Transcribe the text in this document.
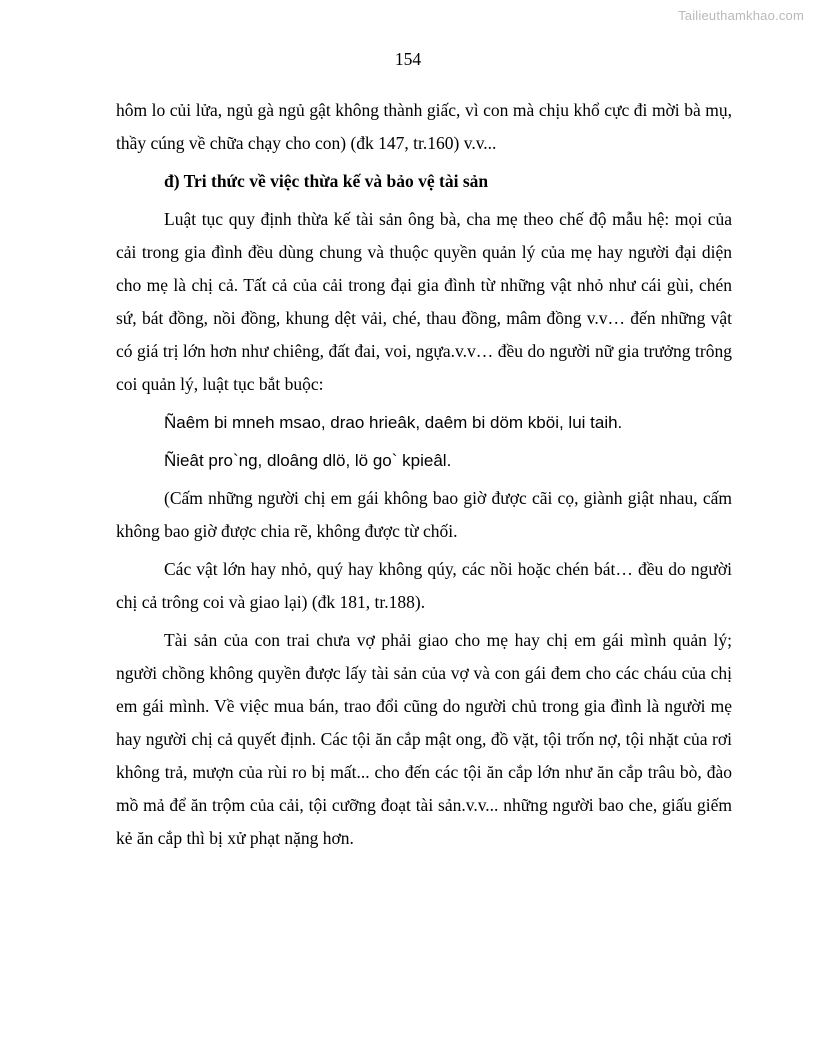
Tailieuthamkhao.com
154

hôm lo củi lửa, ngủ gà ngủ gật không thành giấc, vì con mà chịu khổ cực đi mời bà mụ, thầy cúng về chữa chạy cho con) (đk 147, tr.160) v.v...

đ) Tri thức về việc thừa kế và bảo vệ tài sản

Luật tục quy định thừa kế tài sản ông bà, cha mẹ theo chế độ mẫu hệ: mọi của cải trong gia đình đều dùng chung và thuộc quyền quản lý của mẹ hay người đại diện cho mẹ là chị cả. Tất cả của cải trong đại gia đình từ những vật nhỏ như cái gùi, chén sứ, bát đồng, nồi đồng, khung dệt vải, ché, thau đồng, mâm đồng v.v… đến những vật có giá trị lớn hơn như chiêng, đất đai, voi, ngựa.v.v… đều do người nữ gia trưởng trông coi quản lý, luật tục bắt buộc:

Ñaêm bi mneh msao, drao hrieâk, daêm bi döm kböi, lui taih.

Ñieât pro`ng, dloâng dlö, lö go` kpieâl.

(Cấm những người chị em gái không bao giờ được cãi cọ, giành giật nhau, cấm không bao giờ được chia rẽ, không được từ chối.

Các vật lớn hay nhỏ, quý hay không qúy, các nồi hoặc chén bát… đều do người chị cả trông coi và giao lại) (đk 181, tr.188).

Tài sản của con trai chưa vợ phải giao cho mẹ hay chị em gái mình quản lý; người chồng không quyền được lấy tài sản của vợ và con gái đem cho các cháu của chị em gái mình. Về việc mua bán, trao đổi cũng do người chủ trong gia đình là người mẹ hay người chị cả quyết định. Các tội ăn cắp mật ong, đồ vặt, tội trốn nợ, tội nhặt của rơi không trả, mượn của rùi ro bị mất... cho đến các tội ăn cắp lớn như ăn cắp trâu bò, đào mồ mả để ăn trộm của cải, tội cưỡng đoạt tài sản.v.v... những người bao che, giấu giếm kẻ ăn cắp thì bị xử phạt nặng hơn.
